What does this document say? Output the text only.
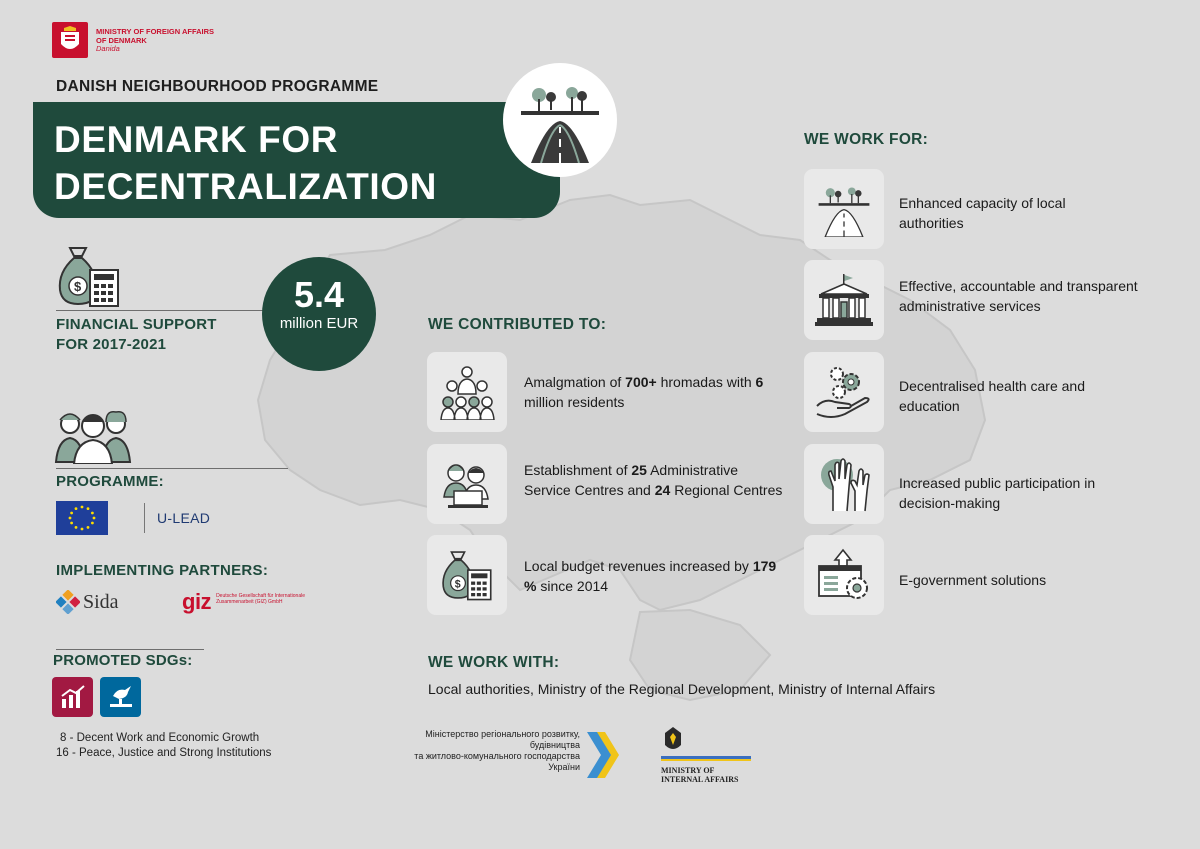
MINISTRY OF FOREIGN AFFAIRS
OF DENMARK
Danida
DANISH NEIGHBOURHOOD PROGRAMME
DENMARK FOR
DECENTRALIZATION
$
FINANCIAL SUPPORT
FOR 2017-2021
5.4
million EUR
PROGRAMME:
U-LEAD
IMPLEMENTING PARTNERS:
Sida	giz Deutsche Gesellschaft für Internationale Zusammenarbeit (GIZ) GmbH
PROMOTED SDGs:
8 - Decent Work and Economic Growth
16 - Peace, Justice and Strong Institutions
WE CONTRIBUTED TO:
Amalgmation of 700+ hromadas with 6 million residents
Establishment of 25 Administrative Service Centres and 24 Regional Centres
$
Local budget revenues increased by 179 % since 2014
WE WORK WITH:
Local authorities, Ministry of the Regional Development, Ministry of Internal Affairs
Міністерство регіонального розвитку,
будівництва
та житлово-комунального господарства
України	MINISTRY OF
INTERNAL AFFAIRS
WE WORK FOR:
Enhanced capacity of local authorities
Effective, accountable and transparent administrative services
Decentralised health care and education
Increased public participation in decision-making
E-government solutions
